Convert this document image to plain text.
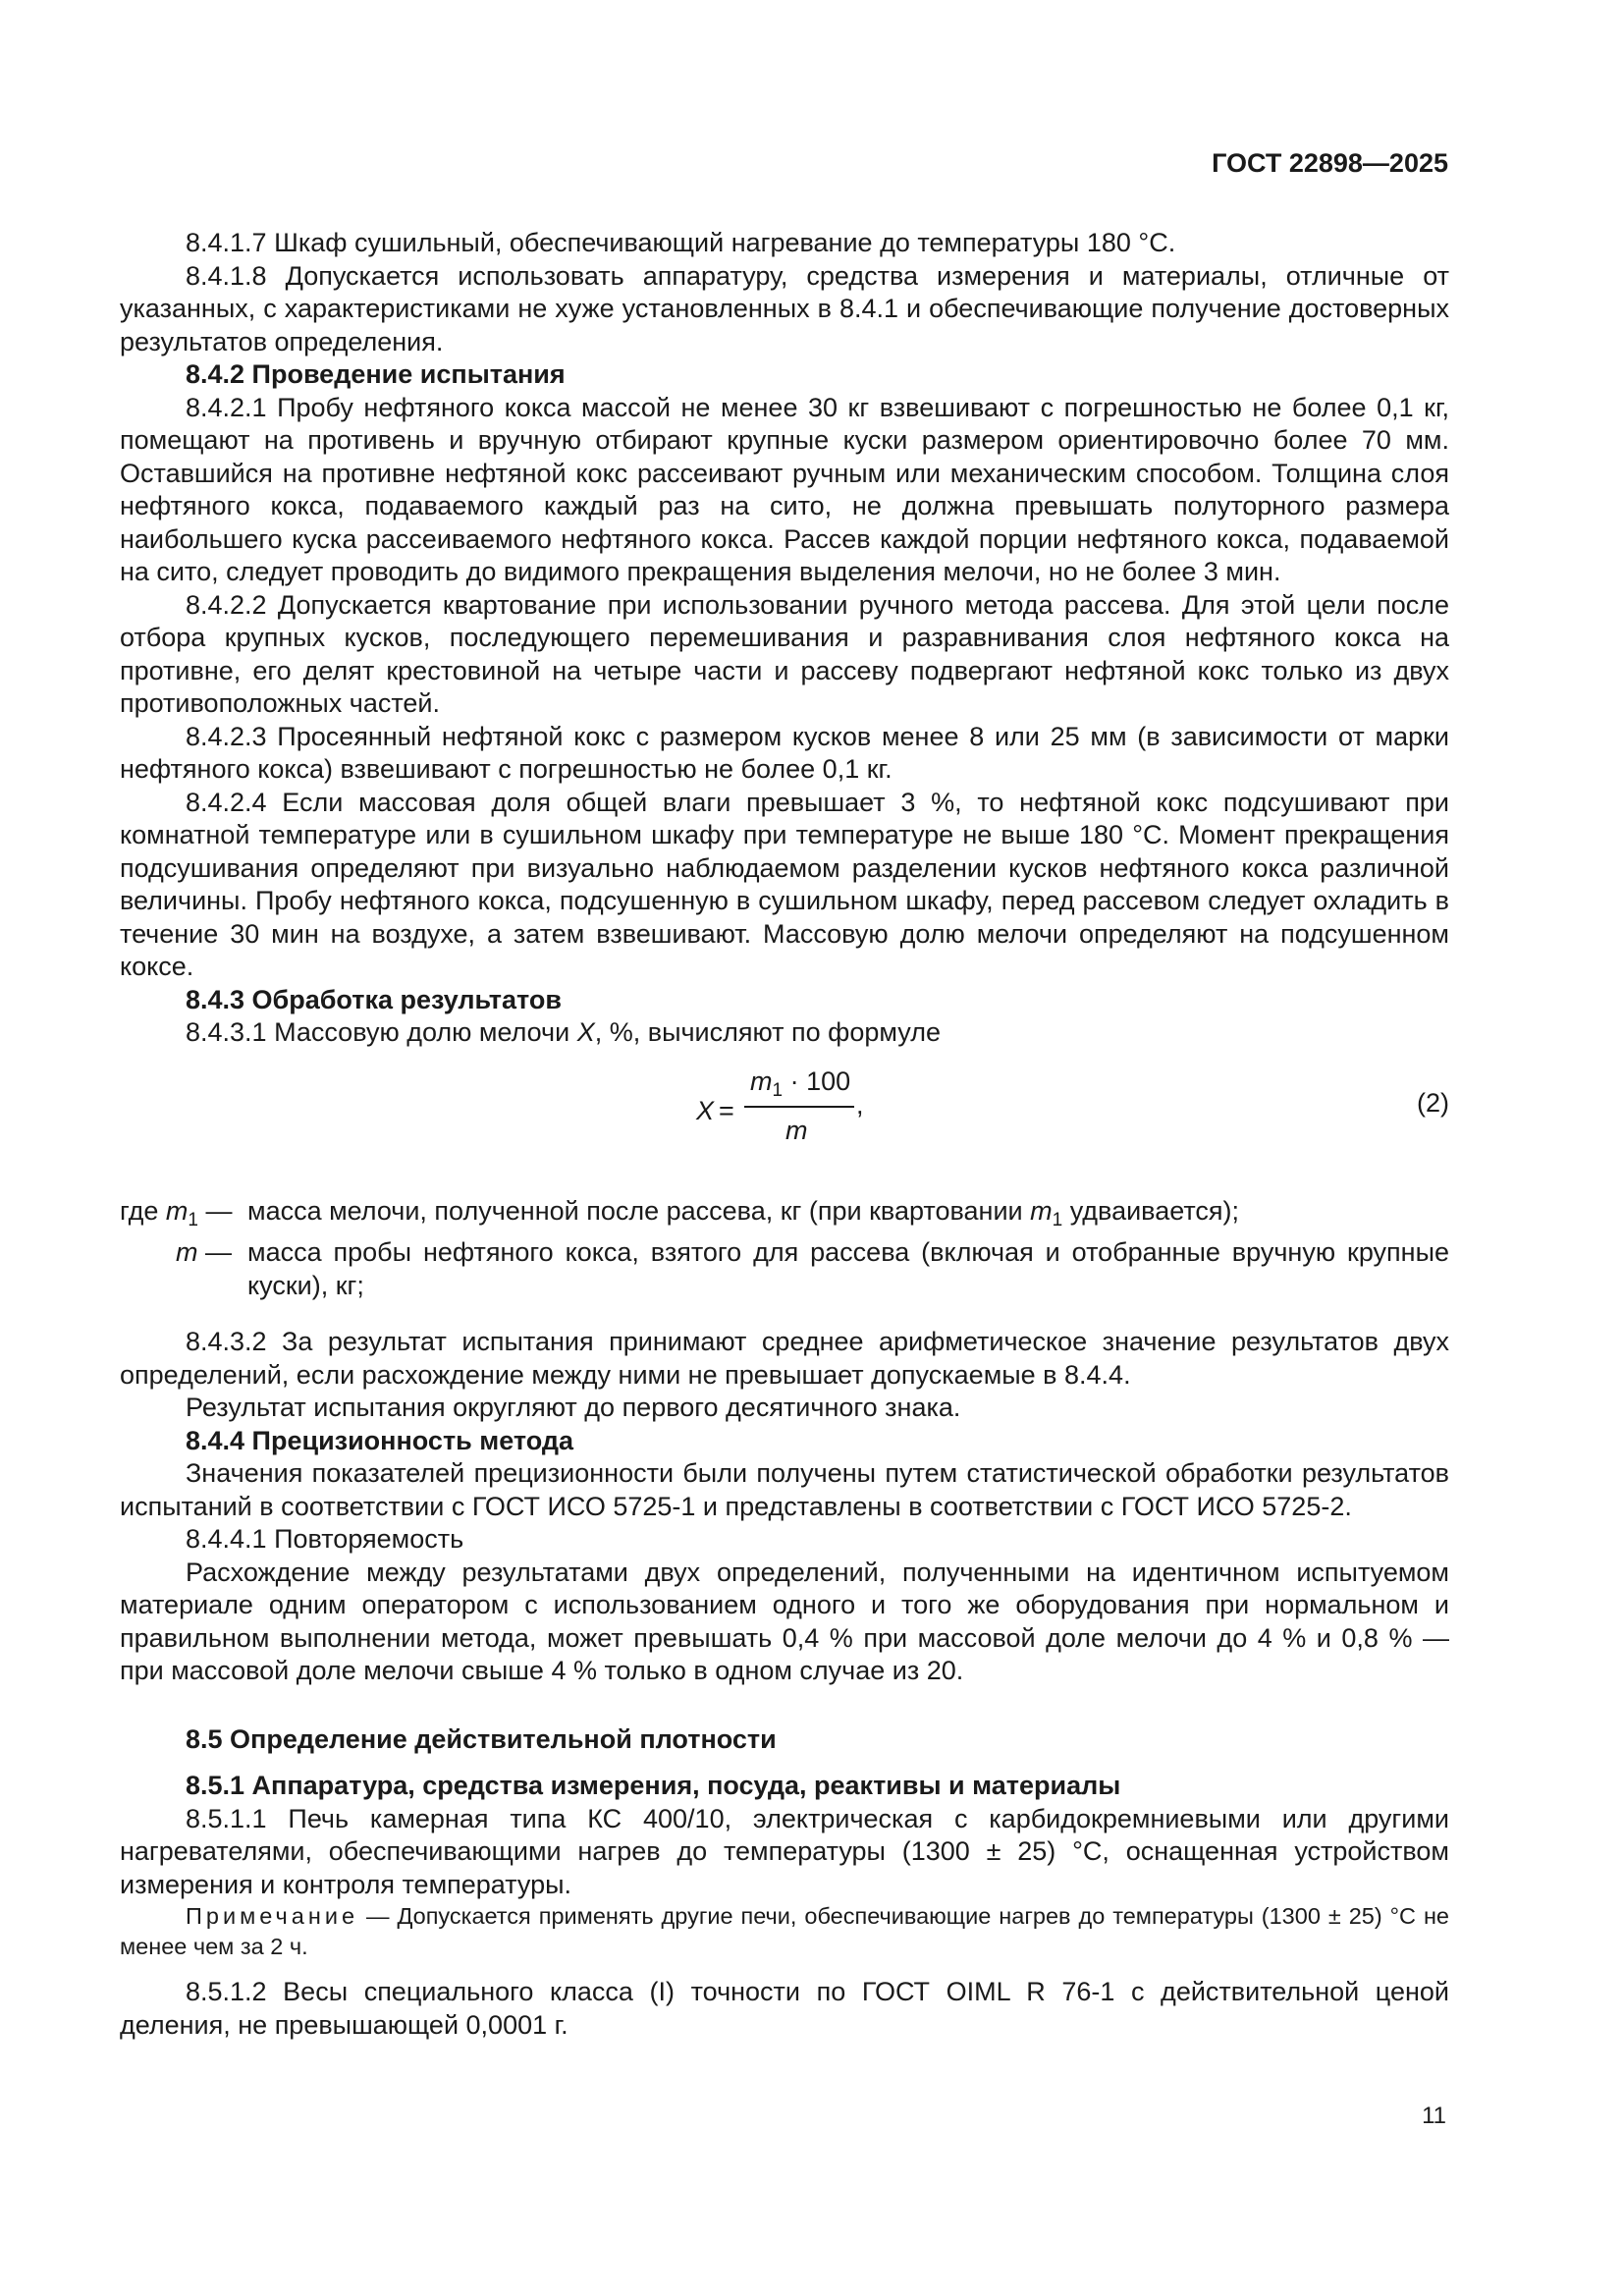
ГОСТ 22898—2025

8.4.1.7 Шкаф сушильный, обеспечивающий нагревание до температуры 180 °С.

8.4.1.8 Допускается использовать аппаратуру, средства измерения и материалы, отличные от указанных, с характеристиками не хуже установленных в 8.4.1 и обеспечивающие получение достоверных результатов определения.

8.4.2 Проведение испытания

8.4.2.1 Пробу нефтяного кокса массой не менее 30 кг взвешивают с погрешностью не более 0,1 кг, помещают на противень и вручную отбирают крупные куски размером ориентировочно более 70 мм. Оставшийся на противне нефтяной кокс рассеивают ручным или механическим способом. Толщина слоя нефтяного кокса, подаваемого каждый раз на сито, не должна превышать полуторного размера наибольшего куска рассеиваемого нефтяного кокса. Рассев каждой порции нефтяного кокса, подаваемой на сито, следует проводить до видимого прекращения выделения мелочи, но не более 3 мин.

8.4.2.2 Допускается квартование при использовании ручного метода рассева. Для этой цели после отбора крупных кусков, последующего перемешивания и разравнивания слоя нефтяного кокса на противне, его делят крестовиной на четыре части и рассеву подвергают нефтяной кокс только из двух противоположных частей.

8.4.2.3 Просеянный нефтяной кокс с размером кусков менее 8 или 25 мм (в зависимости от марки нефтяного кокса) взвешивают с погрешностью не более 0,1 кг.

8.4.2.4 Если массовая доля общей влаги превышает 3 %, то нефтяной кокс подсушивают при комнатной температуре или в сушильном шкафу при температуре не выше 180 °С. Момент прекращения подсушивания определяют при визуально наблюдаемом разделении кусков нефтяного кокса различной величины. Пробу нефтяного кокса, подсушенную в сушильном шкафу, перед рассевом следует охладить в течение 30 мин на воздухе, а затем взвешивают. Массовую долю мелочи определяют на подсушенном коксе.

8.4.3 Обработка результатов

8.4.3.1 Массовую долю мелочи X, %, вычисляют по формуле

X =
$m_1 \cdot 100$
m
,	(2)
где $m_1$ — масса мелочи, полученной после рассева, кг (при квартовании $m_1$ удваивается);
m — масса пробы нефтяного кокса, взятого для рассева (включая и отобранные вручную крупные куски), кг;

8.4.3.2 За результат испытания принимают среднее арифметическое значение результатов двух определений, если расхождение между ними не превышает допускаемые в 8.4.4.

Результат испытания округляют до первого десятичного знака.

8.4.4 Прецизионность метода

Значения показателей прецизионности были получены путем статистической обработки результатов испытаний в соответствии с ГОСТ ИСО 5725-1 и представлены в соответствии с ГОСТ ИСО 5725-2.

8.4.4.1 Повторяемость

Расхождение между результатами двух определений, полученными на идентичном испытуемом материале одним оператором с использованием одного и того же оборудования при нормальном и правильном выполнении метода, может превышать 0,4 % при массовой доле мелочи до 4 % и 0,8 % — при массовой доле мелочи свыше 4 % только в одном случае из 20.

8.5 Определение действительной плотности

8.5.1 Аппаратура, средства измерения, посуда, реактивы и материалы

8.5.1.1 Печь камерная типа КС 400/10, электрическая с карбидокремниевыми или другими нагревателями, обеспечивающими нагрев до температуры (1300 ± 25) °С, оснащенная устройством измерения и контроля температуры.

Примечание — Допускается применять другие печи, обеспечивающие нагрев до температуры (1300 ± 25) °С не менее чем за 2 ч.

8.5.1.2 Весы специального класса (I) точности по ГОСТ OIML R 76-1 с действительной ценой деления, не превышающей 0,0001 г.

11
